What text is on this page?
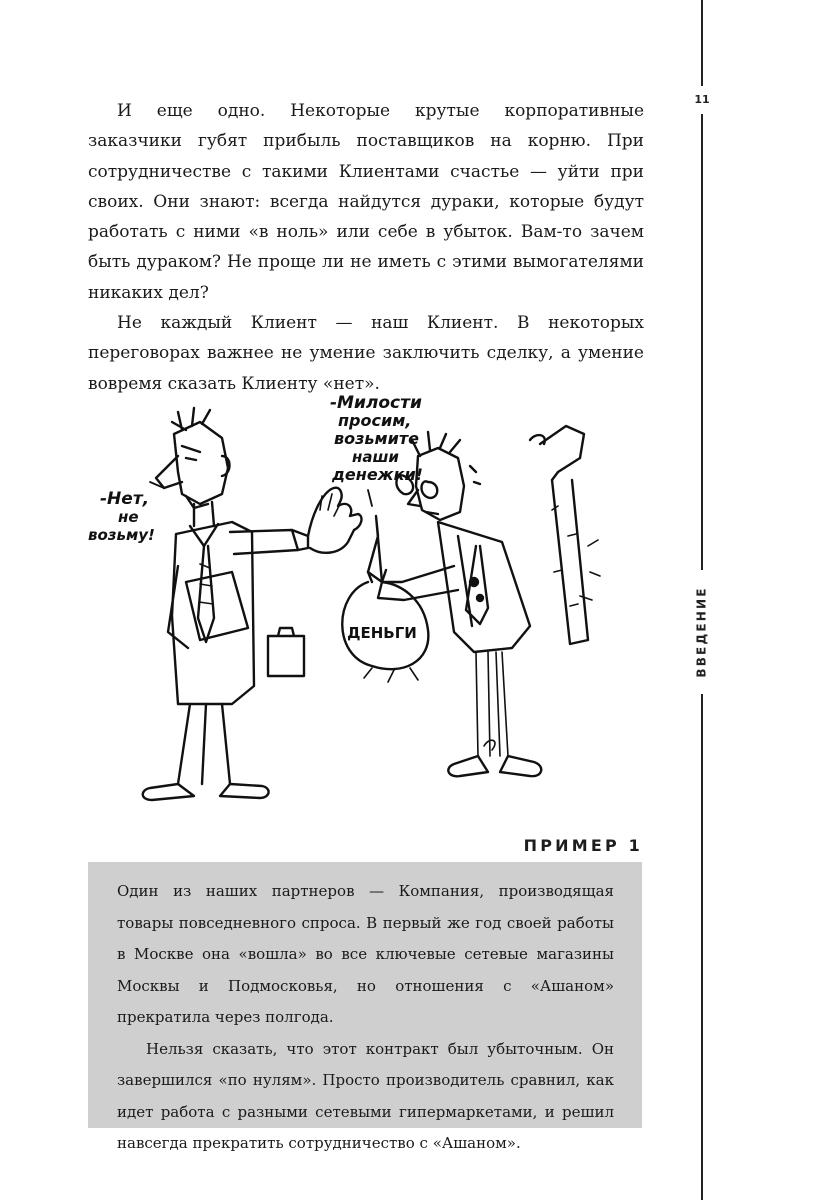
11
ВВЕДЕНИЕ

И еще одно. Некоторые крутые корпоративные заказчики губят прибыль поставщиков на корню. При сотрудничестве с такими Клиентами счастье — уйти при своих. Они знают: всегда найдутся дураки, которые будут работать с ними «в ноль» или себе в убыток. Вам-то зачем быть дураком? Не проще ли не иметь с этими вымогателями никаких дел?

Не каждый Клиент — наш Клиент. В некоторых переговорах важнее не умение заключить сделку, а умение вовремя сказать Клиенту «нет».

ДЕНЬГИ
-Нет,
не
возьму!
-Милости
просим,
возьмите
наши
денежки!
ПРИМЕР 1

Один из наших партнеров — Компания, производящая товары повседневного спроса. В первый же год своей работы в Москве она «вошла» во все ключевые сетевые магазины Москвы и Подмосковья, но отношения с «Ашаном» прекратила через полгода.

Нельзя сказать, что этот контракт был убыточным. Он завершился «по нулям». Просто производитель сравнил, как идет работа с разными сетевыми гипермаркетами, и решил навсегда прекратить сотрудничество с «Ашаном».
